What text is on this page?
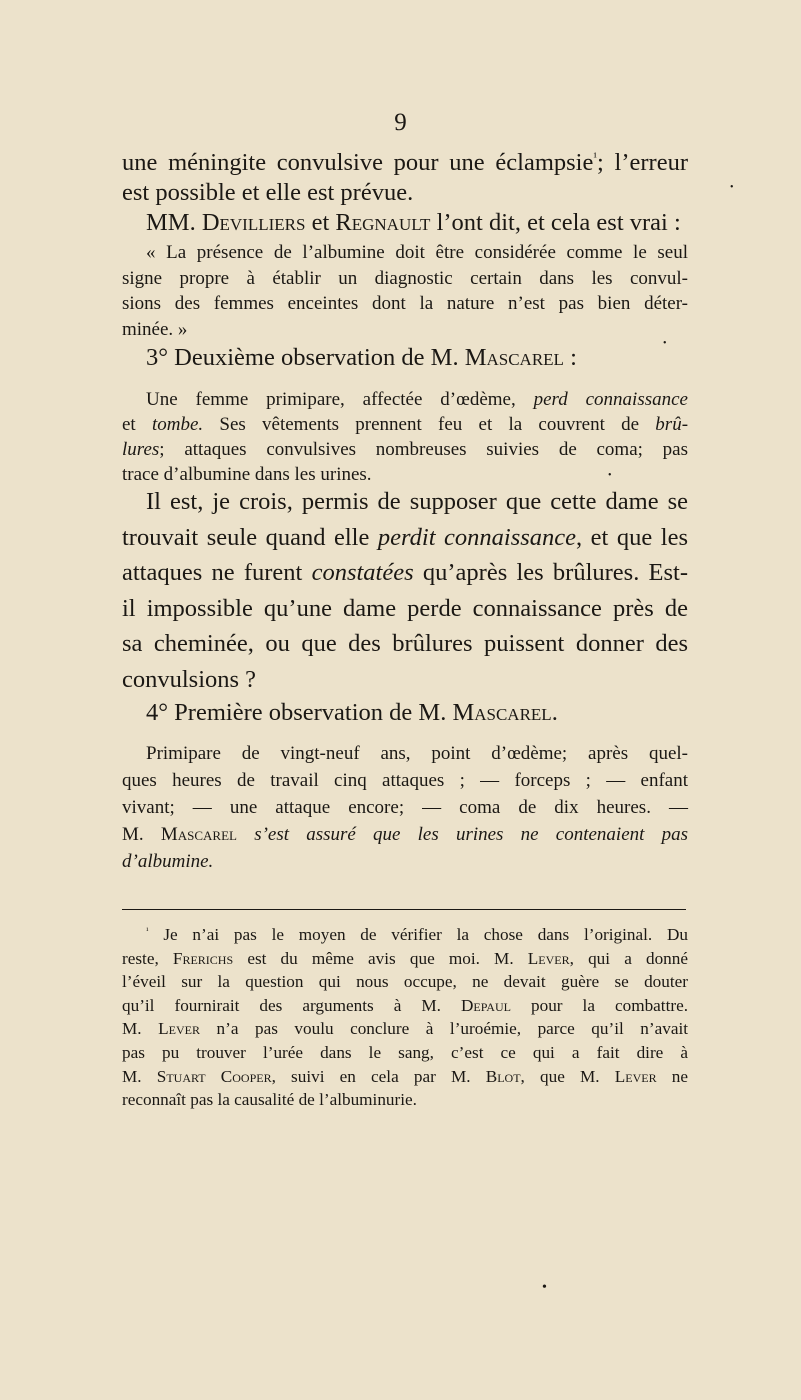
9
une méningite convulsive pour une éclampsie$^{^1}$; l’erreur
est possible et elle est prévue.
MM. Devilliers et Regnault l’ont dit, et cela est vrai :
« La présence de l’albumine doit être considérée comme le seul
signe propre à établir un diagnostic certain dans les convul-
sions des femmes enceintes dont la nature n’est pas bien déter-
minée. »
3° Deuxième observation de M. Mascarel :
Une femme primipare, affectée d’œdème, perd connaissance
et tombe. Ses vêtements prennent feu et la couvrent de brû-
lures; attaques convulsives nombreuses suivies de coma; pas
trace d’albumine dans les urines.
Il est, je crois, permis de supposer que cette dame se
trouvait seule quand elle perdit connaissance, et que les
attaques ne furent constatées qu’après les brûlures. Est-
il impossible qu’une dame perde connaissance près de
sa cheminée, ou que des brûlures puissent donner des
convulsions ?
4° Première observation de M. Mascarel.
Primipare de vingt-neuf ans, point d’œdème; après quel-
ques heures de travail cinq attaques ; — forceps ; — enfant
vivant; — une attaque encore; — coma de dix heures. —
M. Mascarel s’est assuré que les urines ne contenaient pas
d’albumine.
$^{^1}$ Je n’ai pas le moyen de vérifier la chose dans l’original. Du
reste, Frerichs est du même avis que moi. M. Lever, qui a donné
l’éveil sur la question qui nous occupe, ne devait guère se douter
qu’il fournirait des arguments à M. Depaul pour la combattre.
M. Lever n’a pas voulu conclure à l’uroémie, parce qu’il n’avait
pas pu trouver l’urée dans le sang, c’est ce qui a fait dire à
M. Stuart Cooper, suivi en cela par M. Blot, que M. Lever ne
reconnaît pas la causalité de l’albuminurie.
•
•
•
•
